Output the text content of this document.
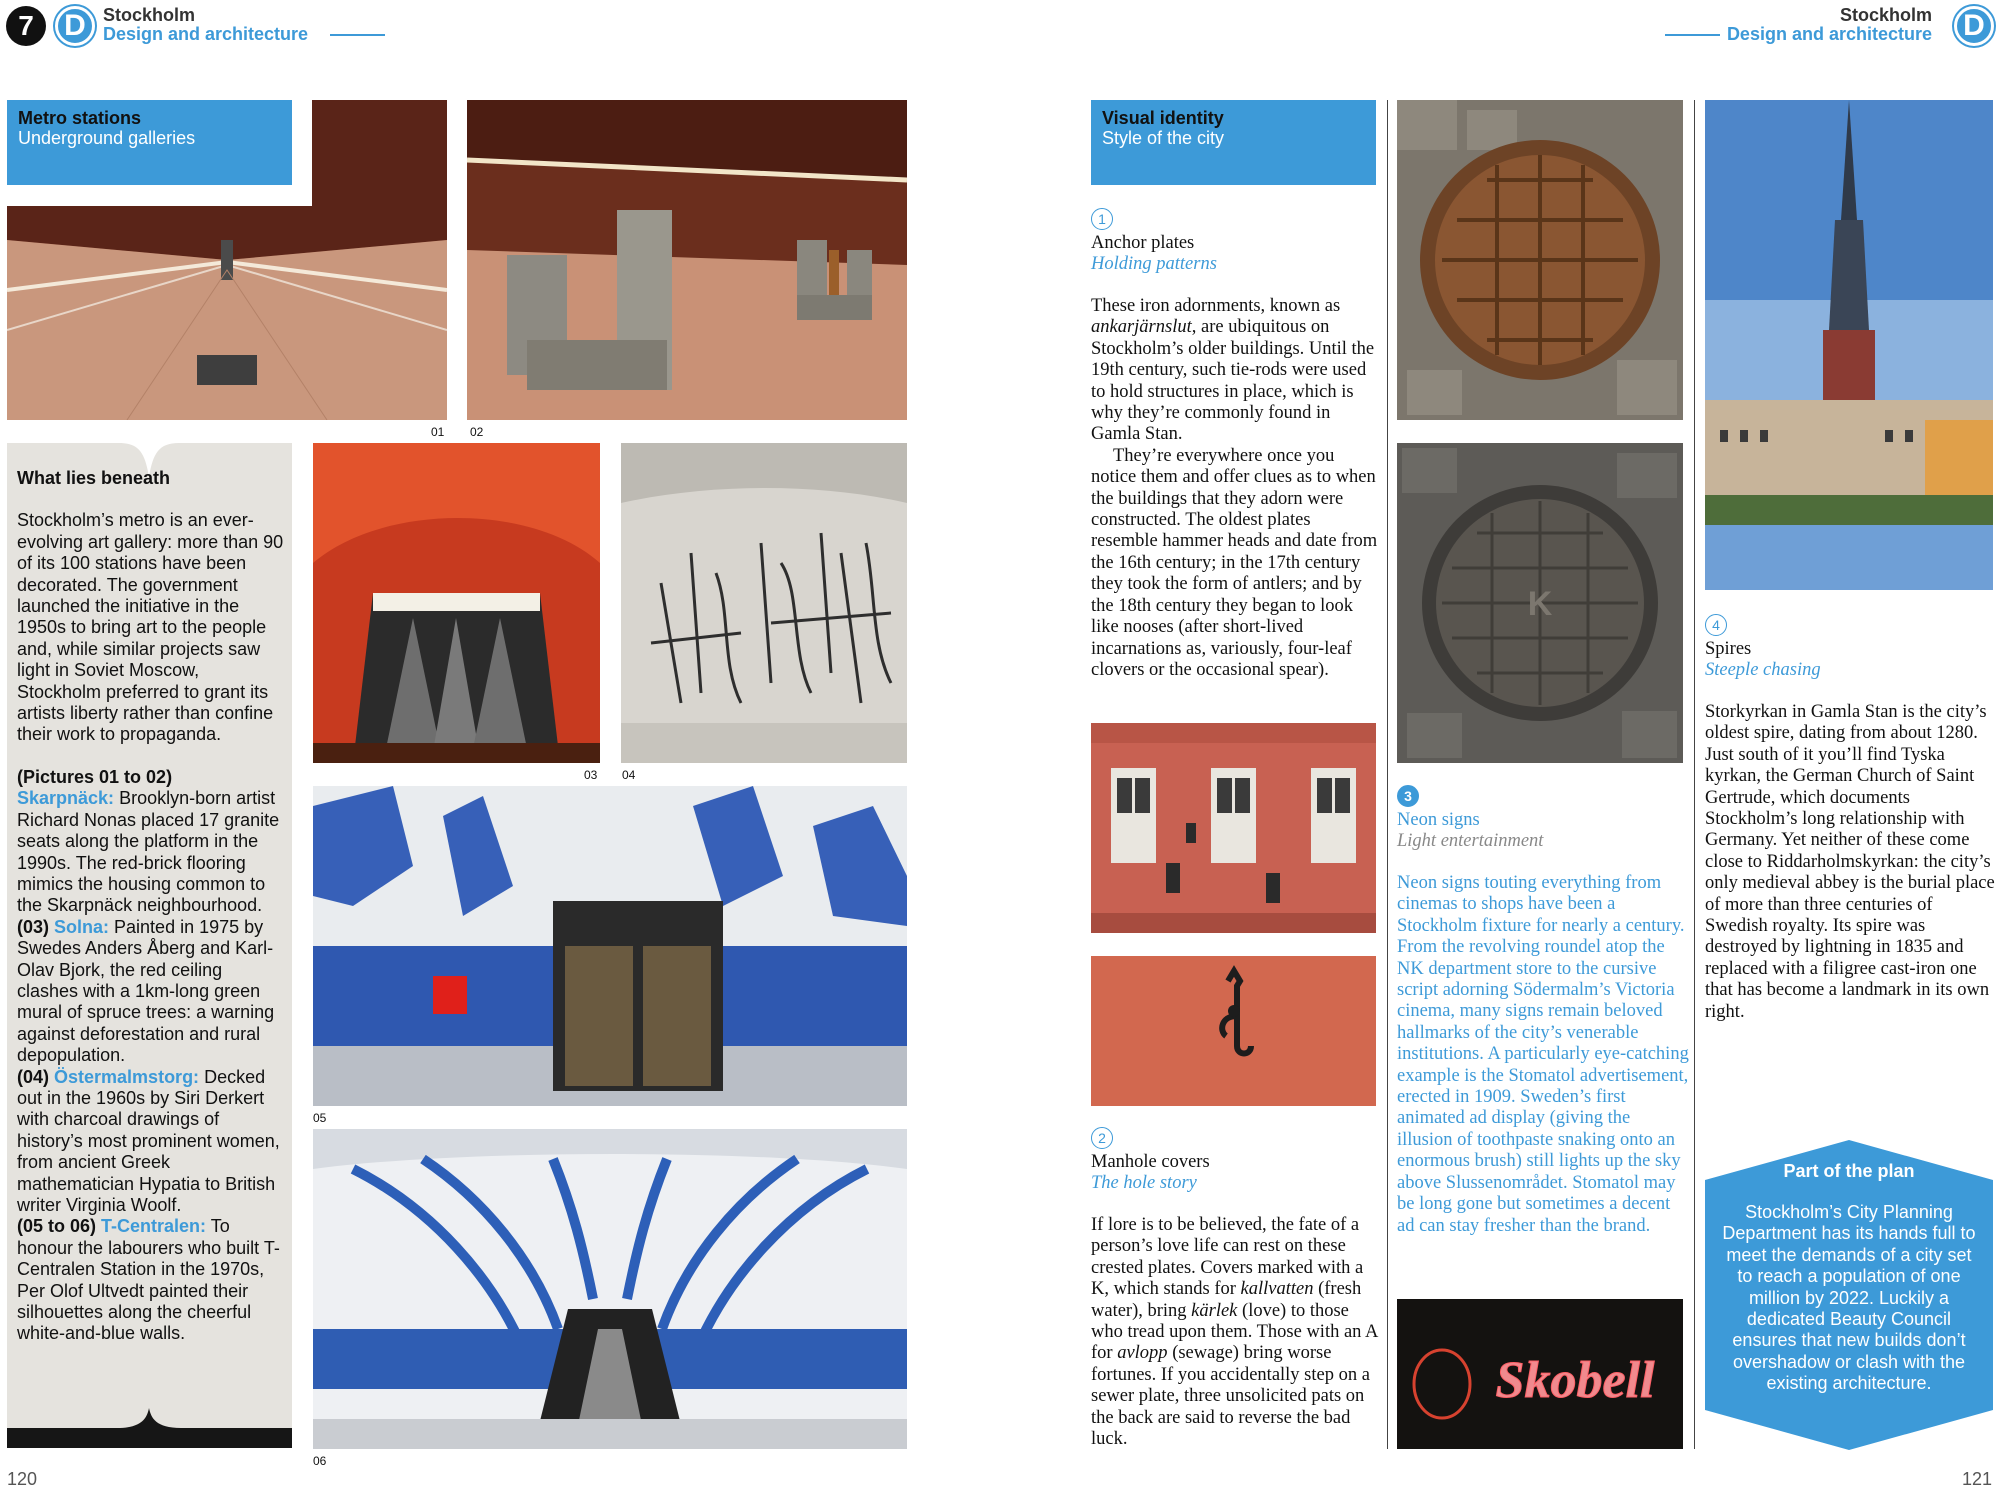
7 D Stockholm
Design and architecture
Stockholm
Design and architecture D
Metro stations
Underground galleries
01 02
What lies beneath
Stockholm’s metro is an ever-evolving art gallery: more than 90 of its 100 stations have been decorated. The government launched the initiative in the 1950s to bring art to the people and, while similar projects saw light in Soviet Moscow, Stockholm preferred to grant its artists liberty rather than confine their work to propaganda.
(Pictures 01 to 02)
Skarpnäck: Brooklyn-born artist Richard Nonas placed 17 granite seats along the platform in the 1990s. The red-brick flooring mimics the housing common to the Skarpnäck neighbourhood.
(03) Solna: Painted in 1975 by Swedes Anders Åberg and Karl-Olav Bjork, the red ceiling clashes with a 1km-long green mural of spruce trees: a warning against deforestation and rural depopulation.
(04) Östermalmstorg: Decked out in the 1960s by Siri Derkert with charcoal drawings of history’s most prominent women, from ancient Greek mathematician Hypatia to British writer Virginia Woolf.
(05 to 06) T-Centralen: To honour the labourers who built T-Centralen Station in the 1970s, Per Olof Ultvedt painted their silhouettes along the cheerful white-and-blue walls.
03 04
05
06
120
Visual identity
Style of the city
1
Anchor plates
Holding patterns
These iron adornments, known as ankarjärnslut, are ubiquitous on Stockholm’s older buildings. Until the 19th century, such tie-rods were used to hold structures in place, which is why they’re commonly found in Gamla Stan.
They’re everywhere once you notice them and offer clues as to when the buildings that they adorn were constructed. The oldest plates resemble hammer heads and date from the 16th century; in the 17th century they took the form of antlers; and by the 18th century they began to look like nooses (after short-lived incarnations as, variously, four-leaf clovers or the occasional spear).
2
Manhole covers
The hole story
If lore is to be believed, the fate of a person’s love life can rest on these crested plates. Covers marked with a K, which stands for kallvatten (fresh water), bring kärlek (love) to those who tread upon them. Those with an A for avlopp (sewage) bring worse fortunes. If you accidentally step on a sewer plate, three unsolicited pats on the back are said to reverse the bad luck.
K
3
Neon signs
Light entertainment
Neon signs touting everything from cinemas to shops have been a Stockholm fixture for nearly a century. From the revolving roundel atop the NK department store to the cursive script adorning Södermalm’s Victoria cinema, many signs remain beloved hallmarks of the city’s venerable institutions. A particularly eye-catching example is the Stomatol advertisement, erected in 1909. Sweden’s first animated ad display (giving the illusion of toothpaste snaking onto an enormous brush) still lights up the sky above Slussenområdet. Stomatol may be long gone but sometimes a decent ad can stay fresher than the brand.
Skobell
4
Spires
Steeple chasing
Storkyrkan in Gamla Stan is the city’s oldest spire, dating from about 1280. Just south of it you’ll find Tyska kyrkan, the German Church of Saint Gertrude, which documents Stockholm’s long relationship with Germany. Yet neither of these come close to Riddarholmskyrkan: the city’s only medieval abbey is the burial place of more than three centuries of Swedish royalty. Its spire was destroyed by lightning in 1835 and replaced with a filigree cast-iron one that has become a landmark in its own right.
Part of the plan
Stockholm’s City Planning Department has its hands full to meet the demands of a city set to reach a population of one million by 2022. Luckily a dedicated Beauty Council ensures that new builds don’t overshadow or clash with the existing architecture.
121
